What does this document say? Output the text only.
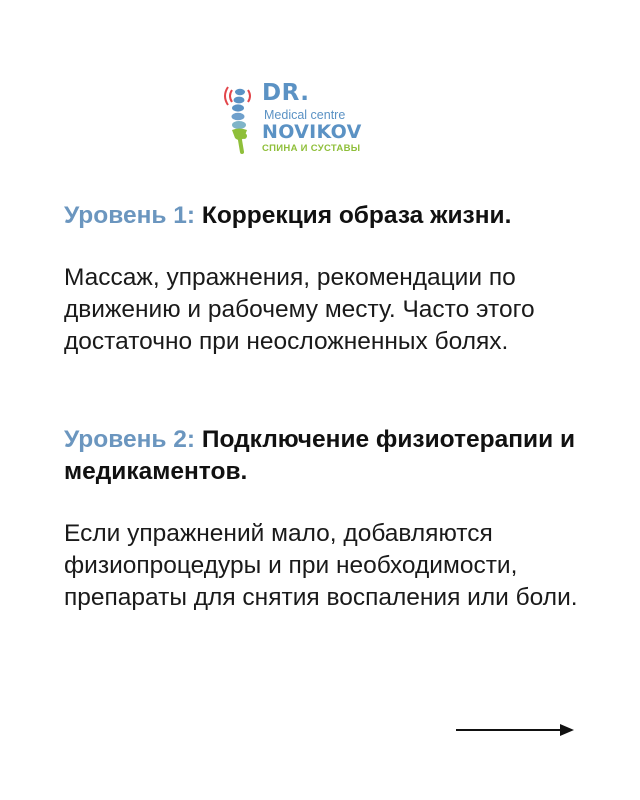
DR.
Medical centre
NOVIKOV
СПИНА И СУСТАВЫ

Уровень 1: Коррекция образа жизни.

Массаж, упражнения, рекомендации по движению и рабочему месту. Часто этого достаточно при неосложненных болях.

Уровень 2: Подключение физиотерапии и медикаментов.

Если упражнений мало, добавляются физиопроцедуры и при необходимости, препараты для снятия воспаления или боли.
